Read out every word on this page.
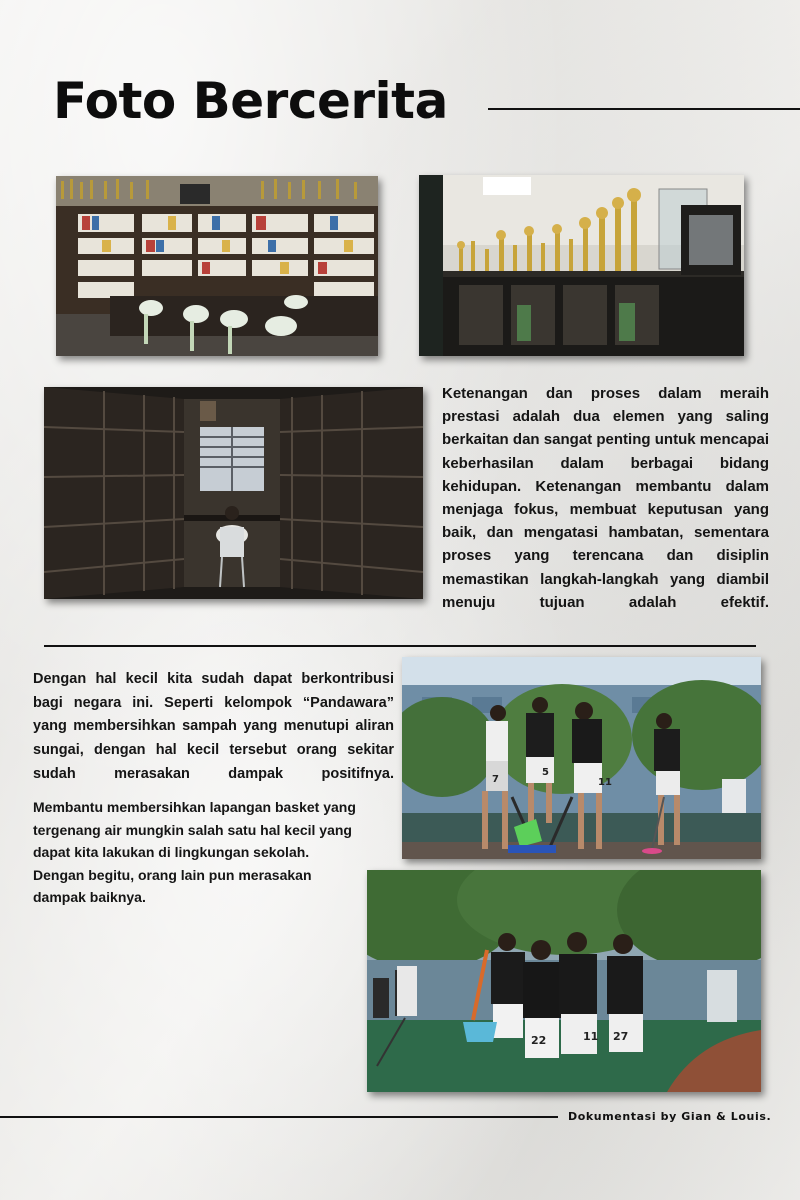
Foto Bercerita

Ketenangan dan proses dalam meraih prestasi adalah dua elemen yang saling berkaitan dan sangat penting untuk mencapai keberhasilan dalam berbagai bidang kehidupan. Ketenangan membantu dalam menjaga fokus, membuat keputusan yang baik, dan mengatasi hambatan, sementara proses yang terencana dan disiplin memastikan langkah-langkah yang diambil menuju tujuan adalah efektif.

Dengan hal kecil kita sudah dapat berkontribusi bagi negara ini. Seperti kelompok “Pandawara” yang membersihkan sampah yang menutupi aliran sungai, dengan hal kecil tersebut orang sekitar sudah merasakan dampak positifnya.

Membantu membersihkan lapangan basket yang tergenang air mungkin salah satu hal kecil yang dapat kita lakukan di lingkungan sekolah. Dengan begitu, orang lain pun merasakan dampak baiknya.

7
5
11
22	11 27
Dokumentasi by Gian & Louis.
